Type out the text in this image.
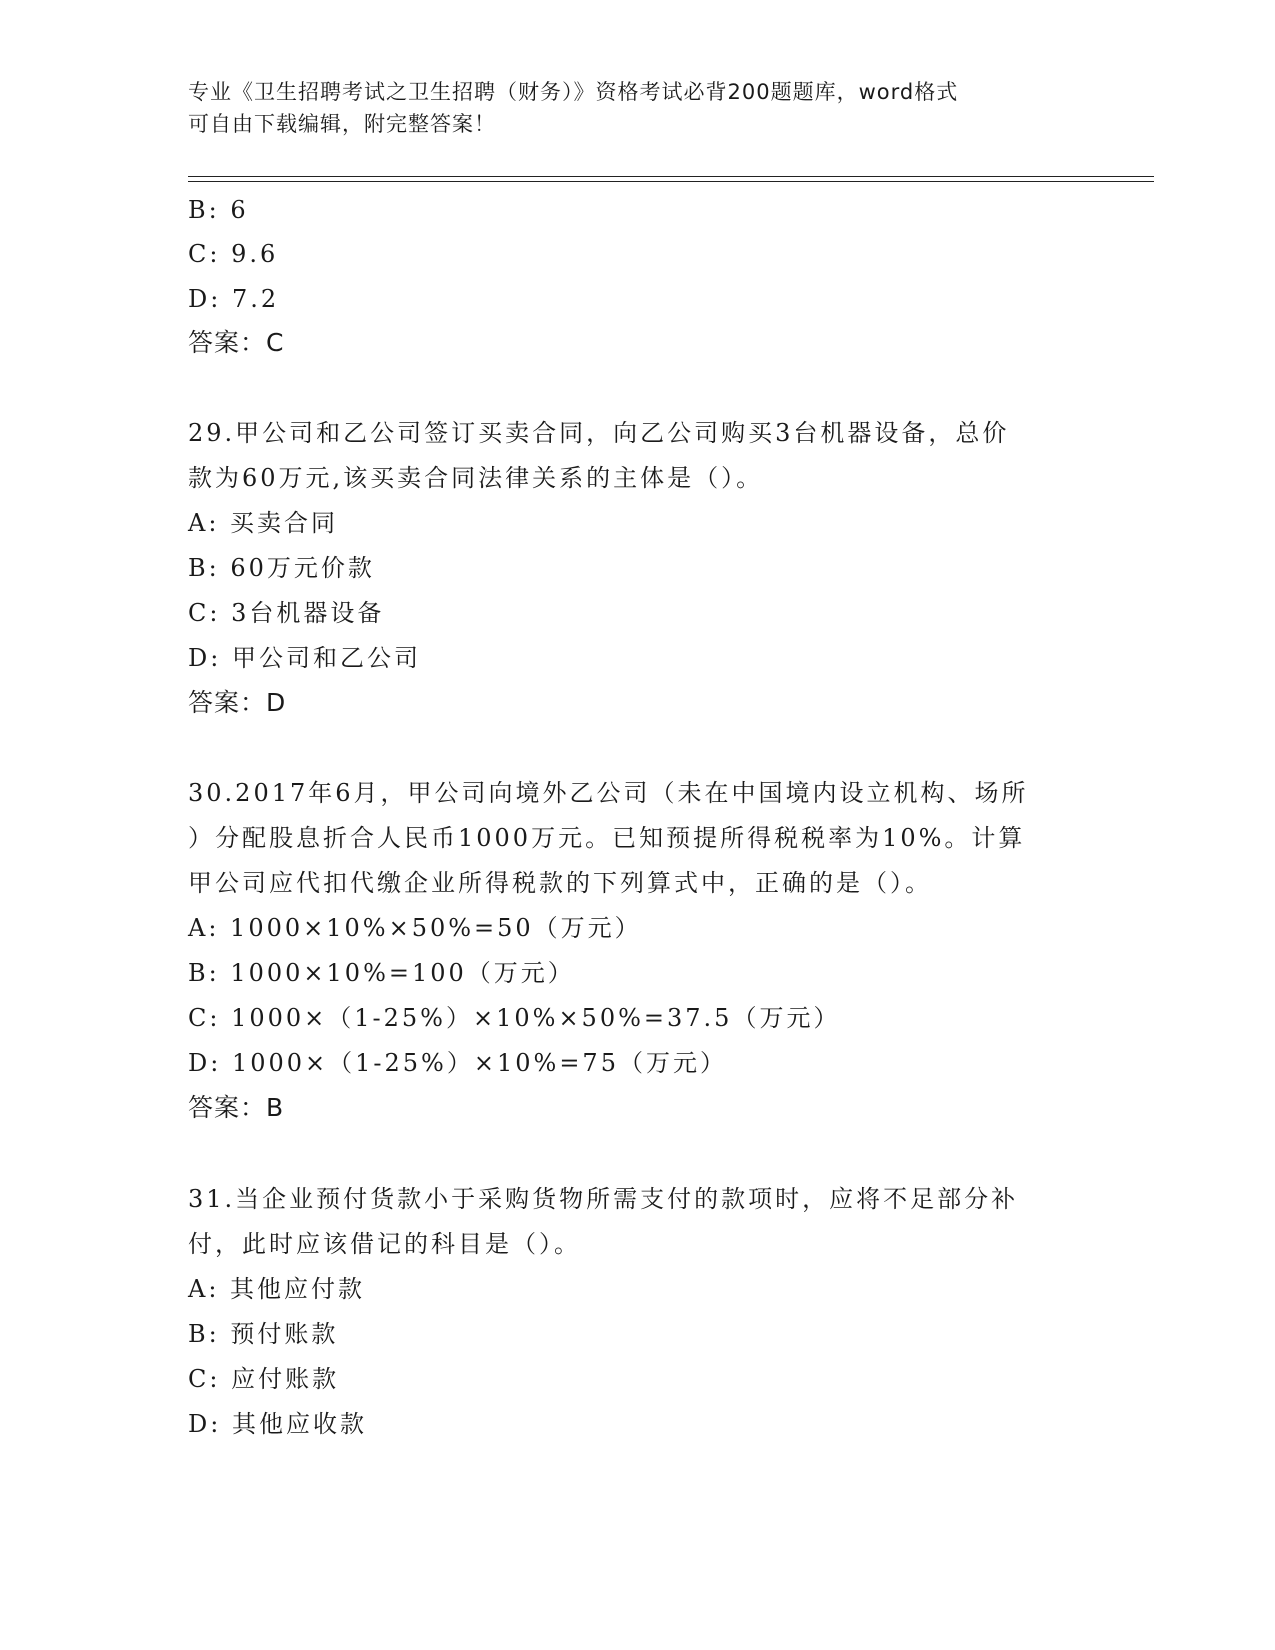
专业《卫生招聘考试之卫生招聘（财务）》资格考试必背200题题库，word格式
可自由下载编辑，附完整答案！
B: 6
C: 9.6
D: 7.2
答案：C
29.甲公司和乙公司签订买卖合同，向乙公司购买3台机器设备，总价
款为60万元,该买卖合同法律关系的主体是（）。
A: 买卖合同
B: 60万元价款
C: 3台机器设备
D: 甲公司和乙公司
答案：D
30.2017年6月，甲公司向境外乙公司（未在中国境内设立机构、场所
）分配股息折合人民币1000万元。已知预提所得税税率为10%。计算
甲公司应代扣代缴企业所得税款的下列算式中，正确的是（）。
A: 1000×10%×50%=50（万元）
B: 1000×10%=100（万元）
C: 1000×（1-25%）×10%×50%=37.5（万元）
D: 1000×（1-25%）×10%=75（万元）
答案：B
31.当企业预付货款小于采购货物所需支付的款项时，应将不足部分补
付，此时应该借记的科目是（）。
A: 其他应付款
B: 预付账款
C: 应付账款
D: 其他应收款
